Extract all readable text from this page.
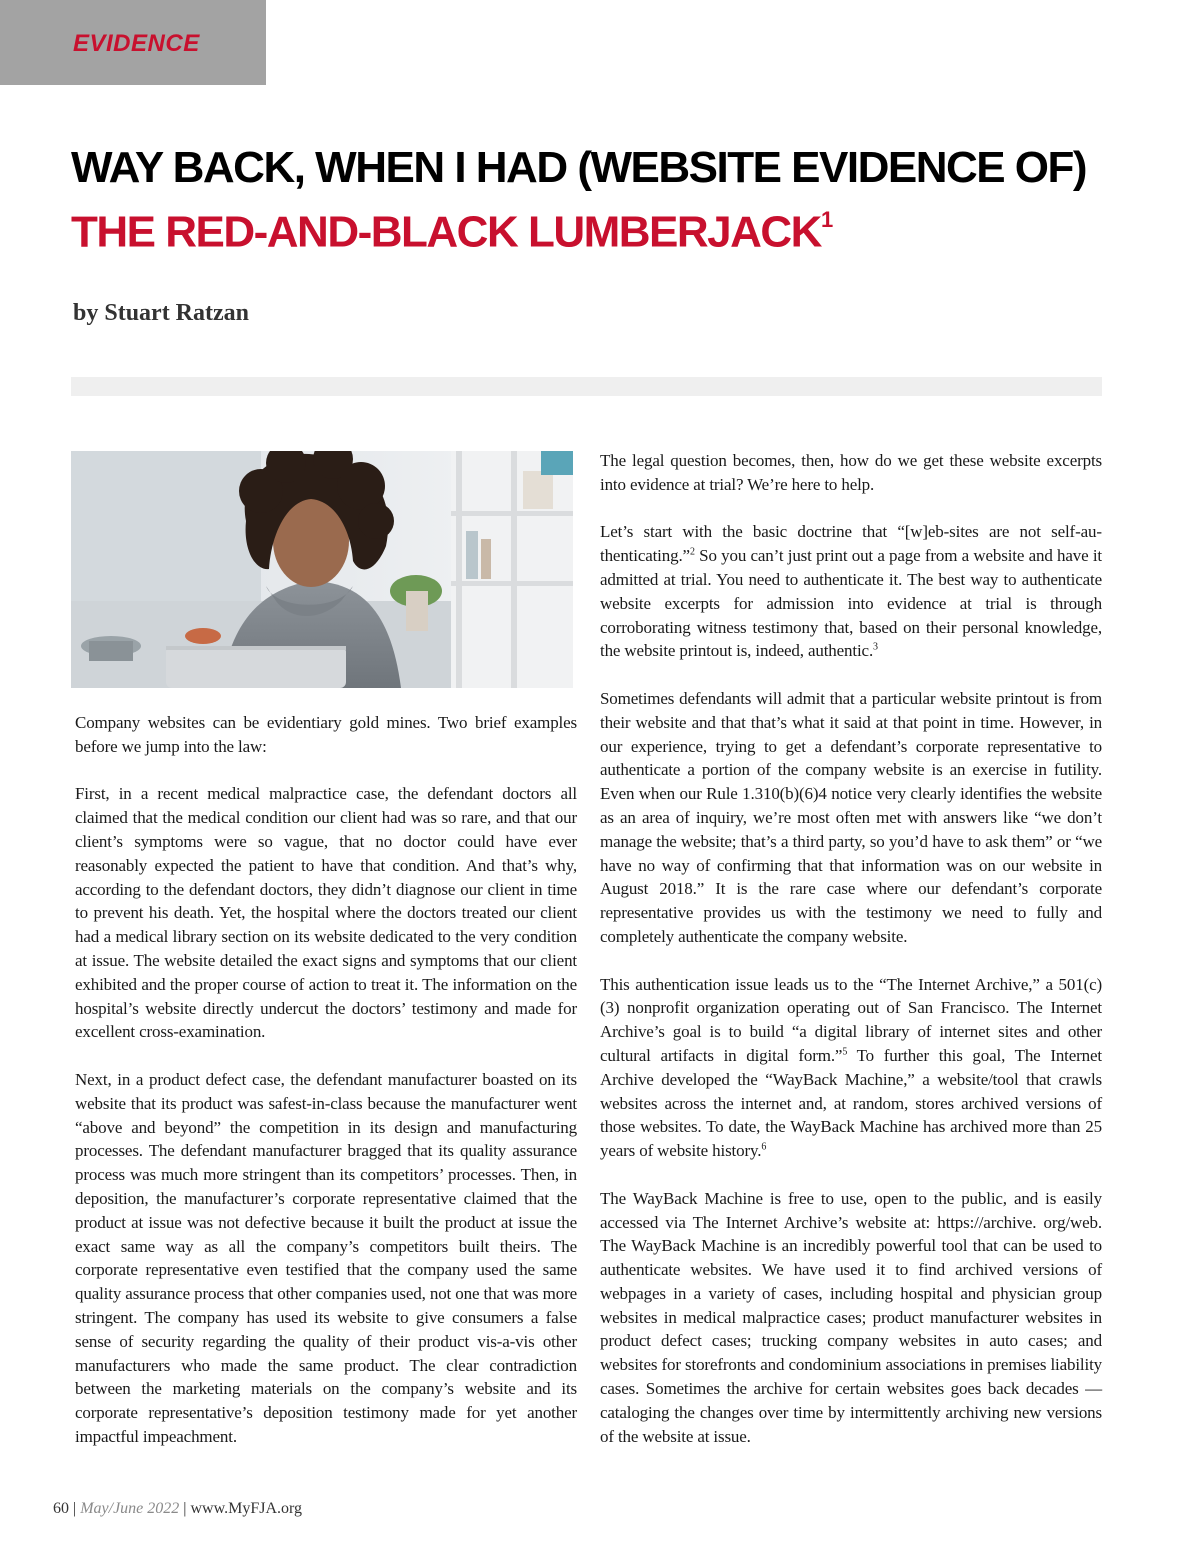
EVIDENCE
WAY BACK, WHEN I HAD (WEBSITE EVIDENCE OF)
THE RED-AND-BLACK LUMBERJACK$^1$
by Stuart Ratzan

Company websites can be evidentiary gold mines. Two brief examples before we jump into the law:

First, in a recent medical malpractice case, the defendant doctors all claimed that the medical condition our client had was so rare, and that our client’s symptoms were so vague, that no doctor could have ever reasonably expected the patient to have that condition. And that’s why, according to the defendant doctors, they didn’t diagnose our client in time to prevent his death. Yet, the hospital where the doctors treated our client had a medical library section on its website dedicated to the very condition at issue. The website detailed the exact signs and symptoms that our client exhibited and the proper course of action to treat it. The information on the hospital’s website directly undercut the doctors’ testimony and made for excellent cross-examination.

Next, in a product defect case, the defendant manufacturer boasted on its website that its product was safest-in-class because the manufacturer went “above and beyond” the competition in its design and manufacturing processes. The defendant manufacturer bragged that its quality assurance process was much more stringent than its competitors’ processes. Then, in deposition, the manufacturer’s corporate representative claimed that the product at issue was not defective because it built the product at issue the exact same way as all the company’s competitors built theirs. The corporate representative even testified that the company used the same quality assurance process that other companies used, not one that was more stringent. The company has used its website to give consumers a false sense of security regarding the quality of their product vis-a-vis other manufacturers who made the same product. The clear contradiction between the marketing materials on the company’s website and its corporate representative’s deposition testimony made for yet another impactful impeachment.

The legal question becomes, then, how do we get these website excerpts into evidence at trial? We’re here to help.

Let’s start with the basic doctrine that “[w]eb-sites are not self-authenticating.”$^2$ So you can’t just print out a page from a website and have it admitted at trial. You need to authenticate it. The best way to authenticate website excerpts for admission into evidence at trial is through corroborating witness testimony that, based on their personal knowledge, the website printout is, indeed, authentic.$^3$

Sometimes defendants will admit that a particular website printout is from their website and that that’s what it said at that point in time. However, in our experience, trying to get a defendant’s corporate representative to authenticate a portion of the company website is an exercise in futility. Even when our Rule 1.310(b)(6)4 notice very clearly identifies the website as an area of inquiry, we’re most often met with answers like “we don’t manage the website; that’s a third party, so you’d have to ask them” or “we have no way of confirming that that information was on our website in August 2018.” It is the rare case where our defendant’s corporate representative provides us with the testimony we need to fully and completely authenticate the company website.

This authentication issue leads us to the “The Internet Archive,” a 501(c)(3) nonprofit organization operating out of San Francisco. The Internet Archive’s goal is to build “a digital library of internet sites and other cultural artifacts in digital form.”$^5$ To further this goal, The Internet Archive developed the “WayBack Machine,” a website/tool that crawls websites across the internet and, at random, stores archived versions of those websites. To date, the WayBack Machine has archived more than 25 years of website history.$^6$

The WayBack Machine is free to use, open to the public, and is easily accessed via The Internet Archive’s website at: https://archive. org/web. The WayBack Machine is an incredibly powerful tool that can be used to authenticate websites. We have used it to find archived versions of webpages in a variety of cases, including hospital and physician group websites in medical malpractice cases; product manufacturer websites in product defect cases; trucking company websites in auto cases; and websites for storefronts and condominium associations in premises liability cases. Sometimes the archive for certain websites goes back decades — cataloging the changes over time by intermittently archiving new versions of the website at issue.

60 | May/June 2022 | www.MyFJA.org
